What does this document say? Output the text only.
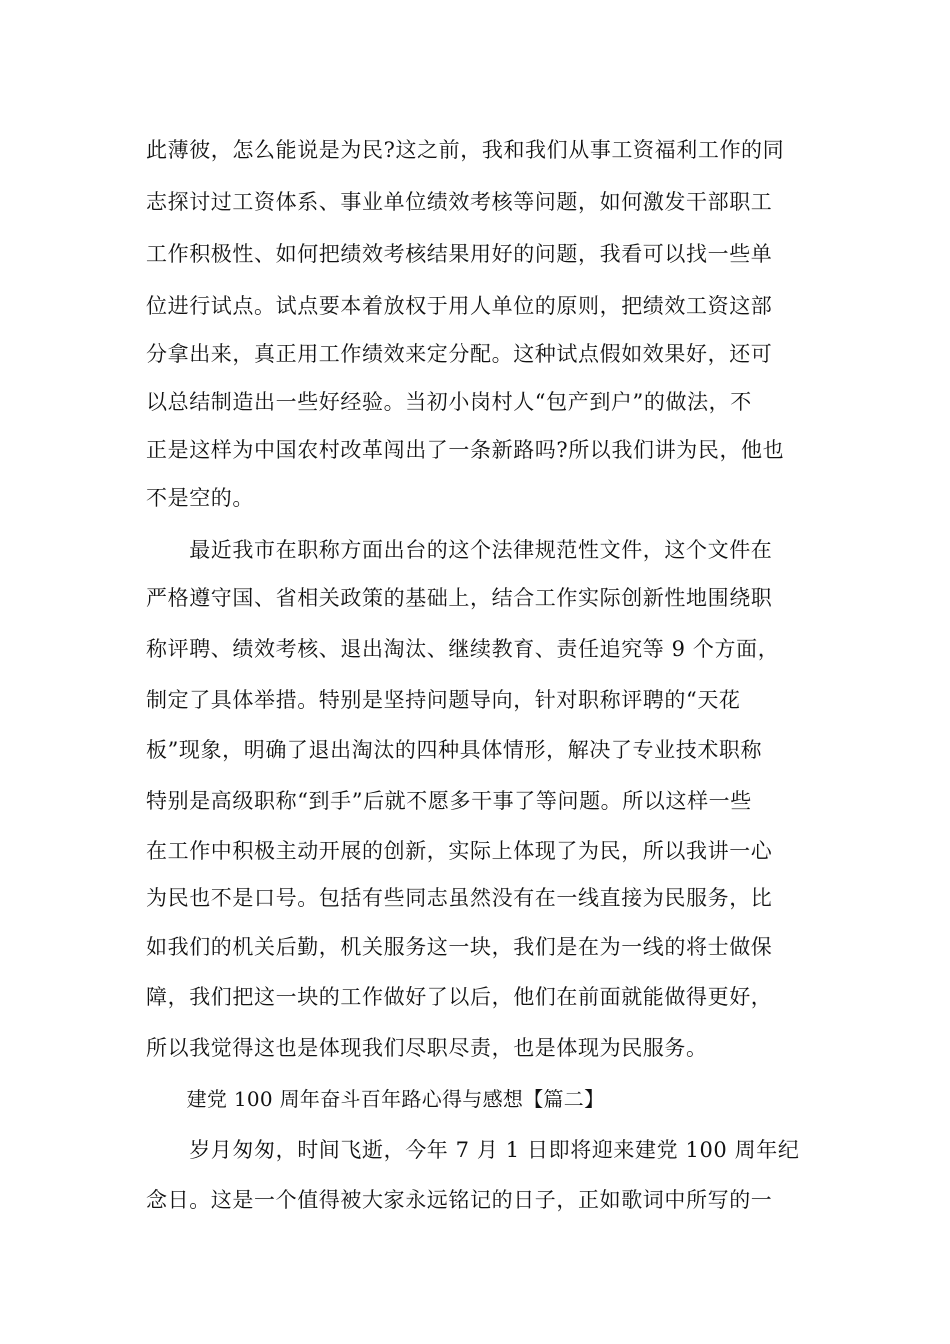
此薄彼，怎么能说是为民?这之前，我和我们从事工资福利工作的同
志探讨过工资体系、事业单位绩效考核等问题，如何激发干部职工
工作积极性、如何把绩效考核结果用好的问题，我看可以找一些单
位进行试点。试点要本着放权于用人单位的原则，把绩效工资这部
分拿出来，真正用工作绩效来定分配。这种试点假如效果好，还可
以总结制造出一些好经验。当初小岗村人“包产到户”的做法，不
正是这样为中国农村改革闯出了一条新路吗?所以我们讲为民，他也
不是空的。
　　最近我市在职称方面出台的这个法律规范性文件，这个文件在
严格遵守国、省相关政策的基础上，结合工作实际创新性地围绕职
称评聘、绩效考核、退出淘汰、继续教育、责任追究等 9 个方面，
制定了具体举措。特别是坚持问题导向，针对职称评聘的“天花
板”现象，明确了退出淘汰的四种具体情形，解决了专业技术职称
特别是高级职称“到手”后就不愿多干事了等问题。所以这样一些
在工作中积极主动开展的创新，实际上体现了为民，所以我讲一心
为民也不是口号。包括有些同志虽然没有在一线直接为民服务，比
如我们的机关后勤，机关服务这一块，我们是在为一线的将士做保
障，我们把这一块的工作做好了以后，他们在前面就能做得更好，
所以我觉得这也是体现我们尽职尽责，也是体现为民服务。
　　建党 100 周年奋斗百年路心得与感想【篇二】
　　岁月匆匆，时间飞逝，今年 7 月 1 日即将迎来建党 100 周年纪
念日。这是一个值得被大家永远铭记的日子，正如歌词中所写的一
